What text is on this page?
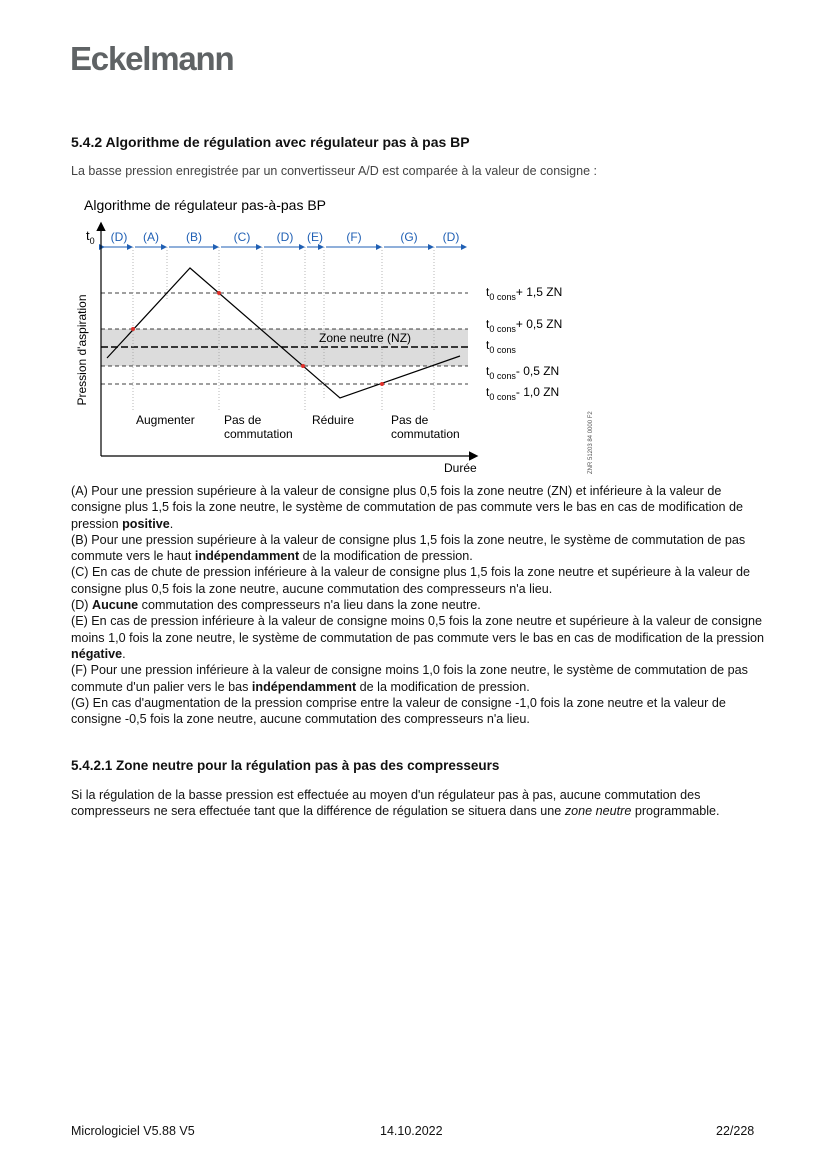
Eckelmann
5.4.2 Algorithme de régulation avec régulateur pas à pas BP
La basse pression enregistrée par un convertisseur A/D est comparée à la valeur de consigne :
Algorithme de régulateur pas-à-pas BP
(D) (A) (B)	(C) (D) (E) (F)	(G) (D)
$t_0$
Pression d'aspiration
Durée
Zone neutre (NZ)
$t_{0 cons}+ 1,5$ ZN
$t_{0 cons}+ 0,5$ ZN
$t_{0 cons}$
$t_{0 cons}-$ 0,5 ZN
$t_{0 cons}-$ 1,0 ZN
Augmenter Pas de
commutation
Réduire	Pas de
commutation	ZNR 51203 84 0000 F2

(A) Pour une pression supérieure à la valeur de consigne plus 0,5 fois la zone neutre (ZN) et inférieure à la valeur de consigne plus 1,5 fois la zone neutre, le système de commutation de pas commute vers le bas en cas de modification de pression positive.

(B) Pour une pression supérieure à la valeur de consigne plus 1,5 fois la zone neutre, le système de commutation de pas commute vers le haut indépendamment de la modification de pression.

(C) En cas de chute de pression inférieure à la valeur de consigne plus 1,5 fois la zone neutre et supérieure à la valeur de consigne plus 0,5 fois la zone neutre, aucune commutation des compresseurs n'a lieu.

(D) Aucune commutation des compresseurs n'a lieu dans la zone neutre.

(E) En cas de pression inférieure à la valeur de consigne moins 0,5 fois la zone neutre et supérieure à la valeur de consigne moins 1,0 fois la zone neutre, le système de commutation de pas commute vers le bas en cas de modification de la pression négative.

(F) Pour une pression inférieure à la valeur de consigne moins 1,0 fois la zone neutre, le système de commutation de pas commute d'un palier vers le bas indépendamment de la modification de pression.

(G) En cas d'augmentation de la pression comprise entre la valeur de consigne -1,0 fois la zone neutre et la valeur de consigne -0,5 fois la zone neutre, aucune commutation des compresseurs n'a lieu.

5.4.2.1 Zone neutre pour la régulation pas à pas des compresseurs
Si la régulation de la basse pression est effectuée au moyen d'un régulateur pas à pas, aucune commutation des compresseurs ne sera effectuée tant que la différence de régulation se situera dans une zone neutre programmable.
Micrologiciel V5.88 V5	14.10.2022	22/228
